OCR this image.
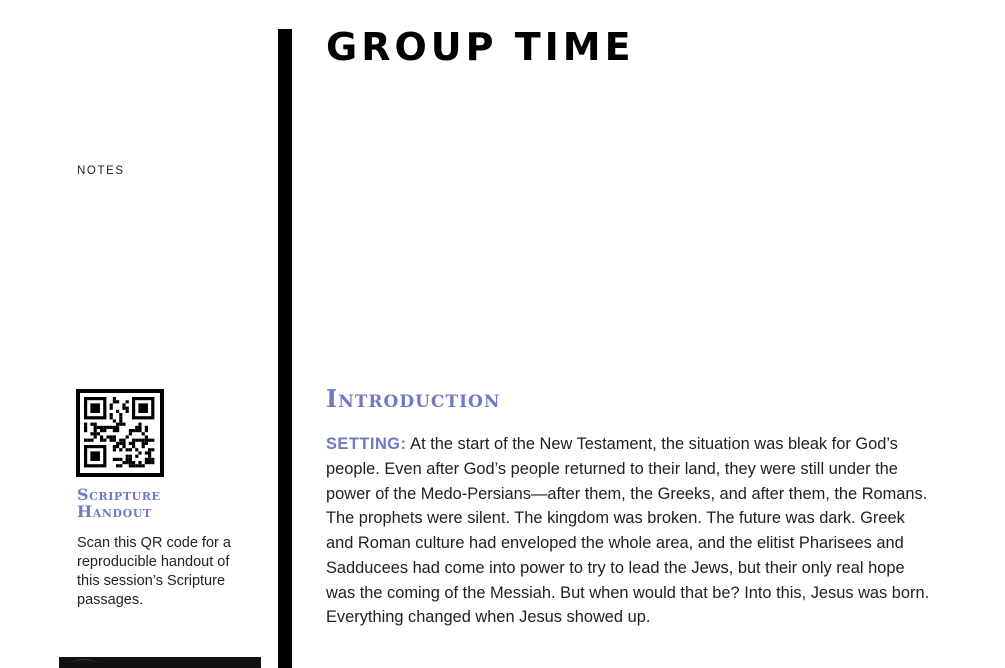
NOTES
Scripture
Handout
Scan this QR code for a reproducible handout of this session’s Scripture passages.
GROUP TIME
Introduction

SETTING: At the start of the New Testament, the situation was bleak for God’s people. Even after God’s people returned to their land, they were still under the power of the Medo-Persians—after them, the Greeks, and after them, the Romans. The prophets were silent. The kingdom was broken. The future was dark. Greek and Roman culture had enveloped the whole area, and the elitist Pharisees and Sadducees had come into power to try to lead the Jews, but their only real hope was the coming of the Messiah. But when would that be? Into this, Jesus was born. Everything changed when Jesus showed up.
